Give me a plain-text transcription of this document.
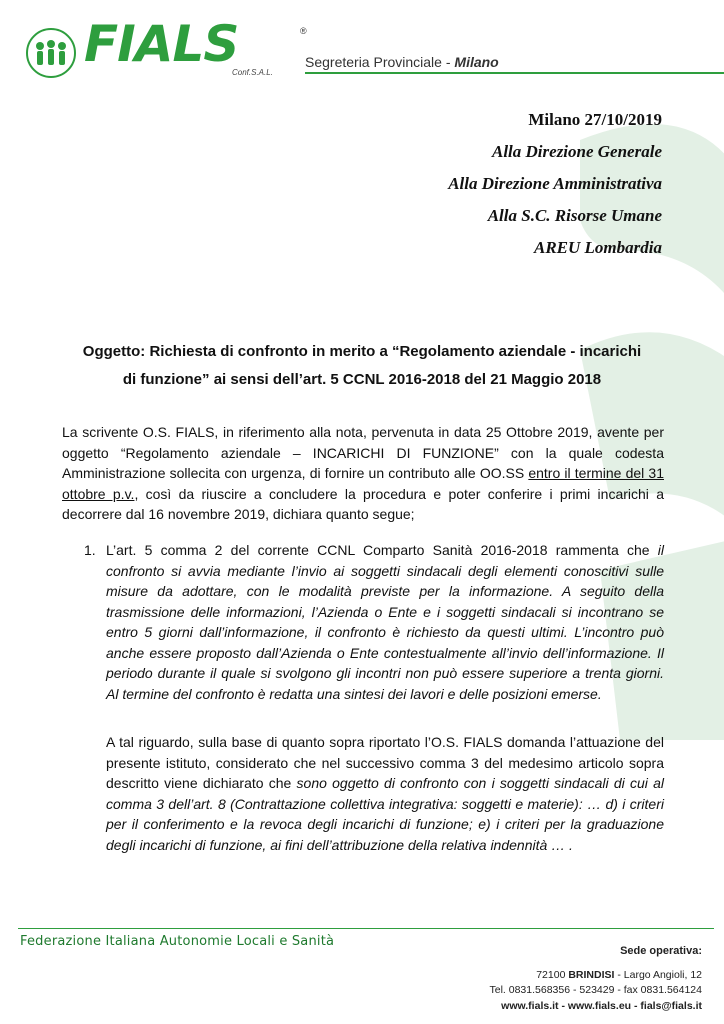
FIALS	®
Conf.S.A.L.
Segreteria Provinciale - Milano
Milano 27/10/2019
Alla Direzione Generale
Alla Direzione Amministrativa
Alla S.C. Risorse Umane
AREU Lombardia
Oggetto: Richiesta di confronto in merito a “Regolamento aziendale - incarichi
di funzione” ai sensi dell’art. 5 CCNL 2016-2018 del 21 Maggio 2018
La scrivente O.S. FIALS, in riferimento alla nota, pervenuta in data 25 Ottobre 2019, avente per oggetto “Regolamento aziendale – INCARICHI DI FUNZIONE” con la quale codesta Amministrazione sollecita con urgenza, di fornire un contributo alle OO.SS entro il termine del 31 ottobre p.v., così da riuscire a concludere la procedura e poter conferire i primi incarichi a decorrere dal 16 novembre 2019, dichiara quanto segue;
1. L’art. 5 comma 2 del corrente CCNL Comparto Sanità 2016-2018 rammenta che il confronto si avvia mediante l’invio ai soggetti sindacali degli elementi conoscitivi sulle misure da adottare, con le modalità previste per la informazione. A seguito della trasmissione delle informazioni, l’Azienda o Ente e i soggetti sindacali si incontrano se entro 5 giorni dall’informazione, il confronto è richiesto da questi ultimi. L’incontro può anche essere proposto dall’Azienda o Ente contestualmente all’invio dell’informazione. Il periodo durante il quale si svolgono gli incontri non può essere superiore a trenta giorni. Al termine del confronto è redatta una sintesi dei lavori e delle posizioni emerse.
A tal riguardo, sulla base di quanto sopra riportato l’O.S. FIALS domanda l’attuazione del presente istituto, considerato che nel successivo comma 3 del medesimo articolo sopra descritto viene dichiarato che sono oggetto di confronto con i soggetti sindacali di cui al comma 3 dell’art. 8 (Contrattazione collettiva integrativa: soggetti e materie): … d) i criteri per il conferimento e la revoca degli incarichi di funzione; e) i criteri per la graduazione degli incarichi di funzione, ai fini dell’attribuzione della relativa indennità … .
Federazione Italiana Autonomie Locali e Sanità
Sede operativa:
72100 BRINDISI - Largo Angioli, 12
Tel. 0831.568356 - 523429 - fax 0831.564124
www.fials.it - www.fials.eu - fials@fials.it
